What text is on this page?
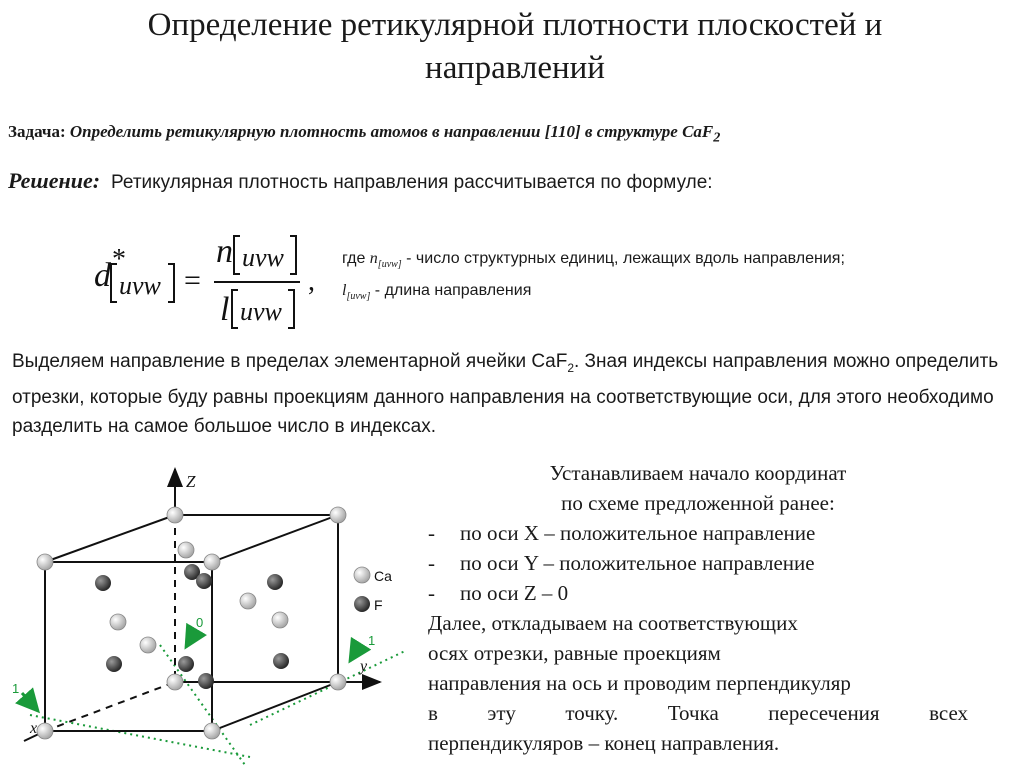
Определение ретикулярной плотности плоскостей и направлений
Задача: Определить ретикулярную плотность атомов в направлении [110] в структуре CaF$_2$
Решение: Ретикулярная плотность направления рассчитывается по формуле:
d *
uvw =
n uvw
l uvw
,
где $n_{[uvw]}$ - число структурных единиц, лежащих вдоль направления;
$l_{[uvw]}$ - длина направления
Выделяем направление в пределах элементарной ячейки CaF$_2$. Зная индексы направления можно определить отрезки, которые буду равны проекциям данного направления на соответствующие оси, для этого необходимо разделить на самое большое число в индексах.
Устанавливаем начало координат
по схеме предложенной ранее:
- по оси X – положительное направление
- по оси Y – положительное направление
- по оси Z – 0
Далее, откладываем на соответствующих
осях отрезки, равные проекциям
направления на ось и проводим перпендикуляр
в эту точку. Точка пересечения всех
перпендикуляров – конец направления.
Z
x
y
1
0
1
Ca
F
